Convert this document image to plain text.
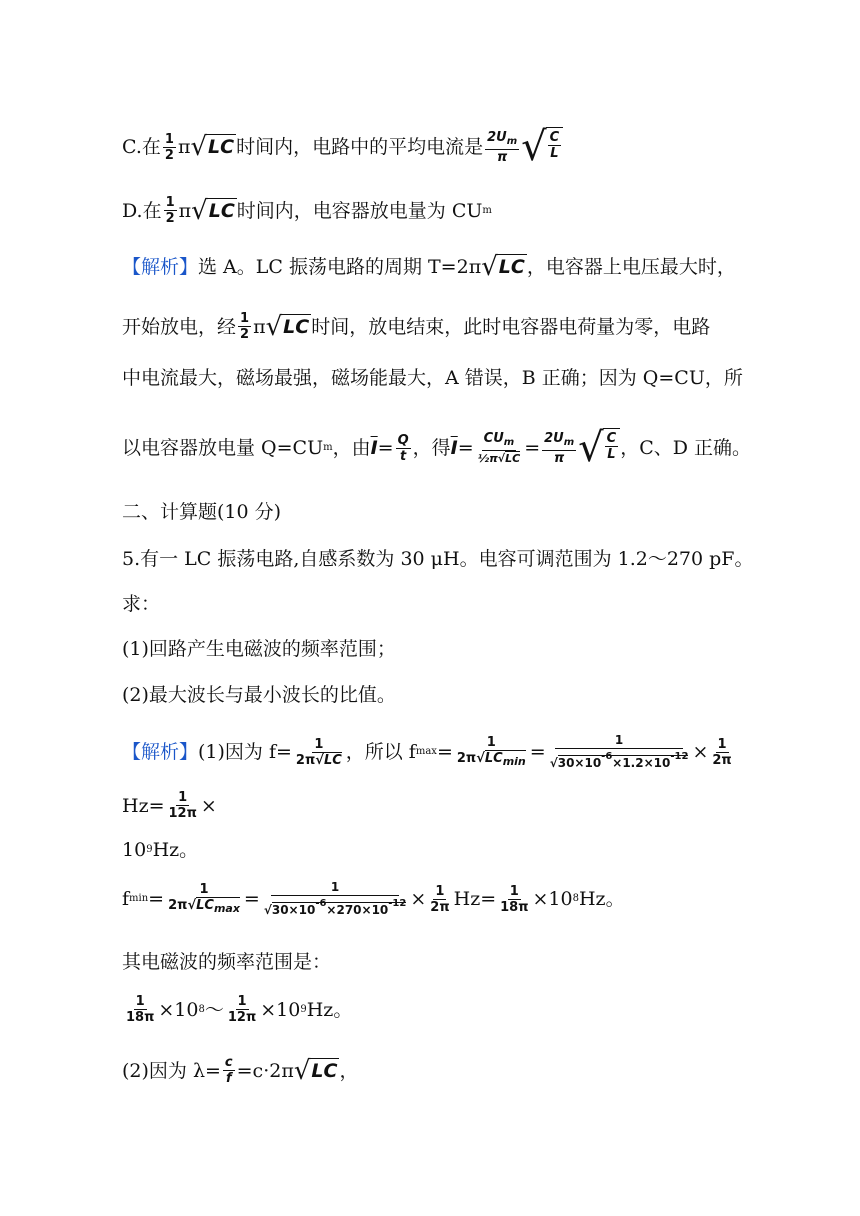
C.在 $\frac{1}{2}$ π √ LC 时间内，电路中的平均电流是 $\frac{2U_m}{\pi}$ √ $\frac{C}{L}$
D.在 $\frac{1}{2}$ π √ LC 时间内，电容器放电量为 CU m
【解析】 选 A。LC 振荡电路的周期 T=2π √ LC ，电容器上电压最大时，
开始放电，经 $\frac{1}{2}$ π √ LC 时间，放电结束，此时电容器电荷量为零，电路
中电流最大，磁场最强，磁场能最大，A 错误，B 正确；因为 Q=CU，所
以电容器放电量 Q=CU m ，由 $\overline{I} = \frac{Q}{t}$ ，得 $\overline{I} = \frac{CU_m}{\text{½π√LC}} = \frac{2U_m}{\pi}$ √ $\frac{C}{L}$ ，C、D 正确。
二、计算题(10 分)
5.有一 LC 振荡电路,自感系数为 30 μH。电容可调范围为 1.2～270 pF。
求：
(1)回路产生电磁波的频率范围；
(2)最大波长与最小波长的比值。
【解析】 (1)因为 $f= \frac{1}{2\pi√LC}$ ，所以 f $\max = \frac{1}{2\pi√LC_{min}} = \frac{1}{√30\times 10^{-6}\times 1.2\times 10^{-12}} \times \frac{1}{2\pi}$
$Hz= \frac{1}{12\pi}$ ×
10 9 Hz。
f $\min = \frac{1}{2\pi√LC_{max}} = \frac{1}{√30\times 10^{-6}\times 270\times 10^{-12}} \times \frac{1}{2\pi} Hz= \frac{1}{18\pi} \times 10$ 8 Hz。
其电磁波的频率范围是：
$\frac{1}{18\pi} \times 10$ 8 ～ $\frac{1}{12\pi} \times 10$ 9 Hz。
(2)因为 $\lambda= \frac{c}{f} =c\cdot 2\pi$ √ LC ，
